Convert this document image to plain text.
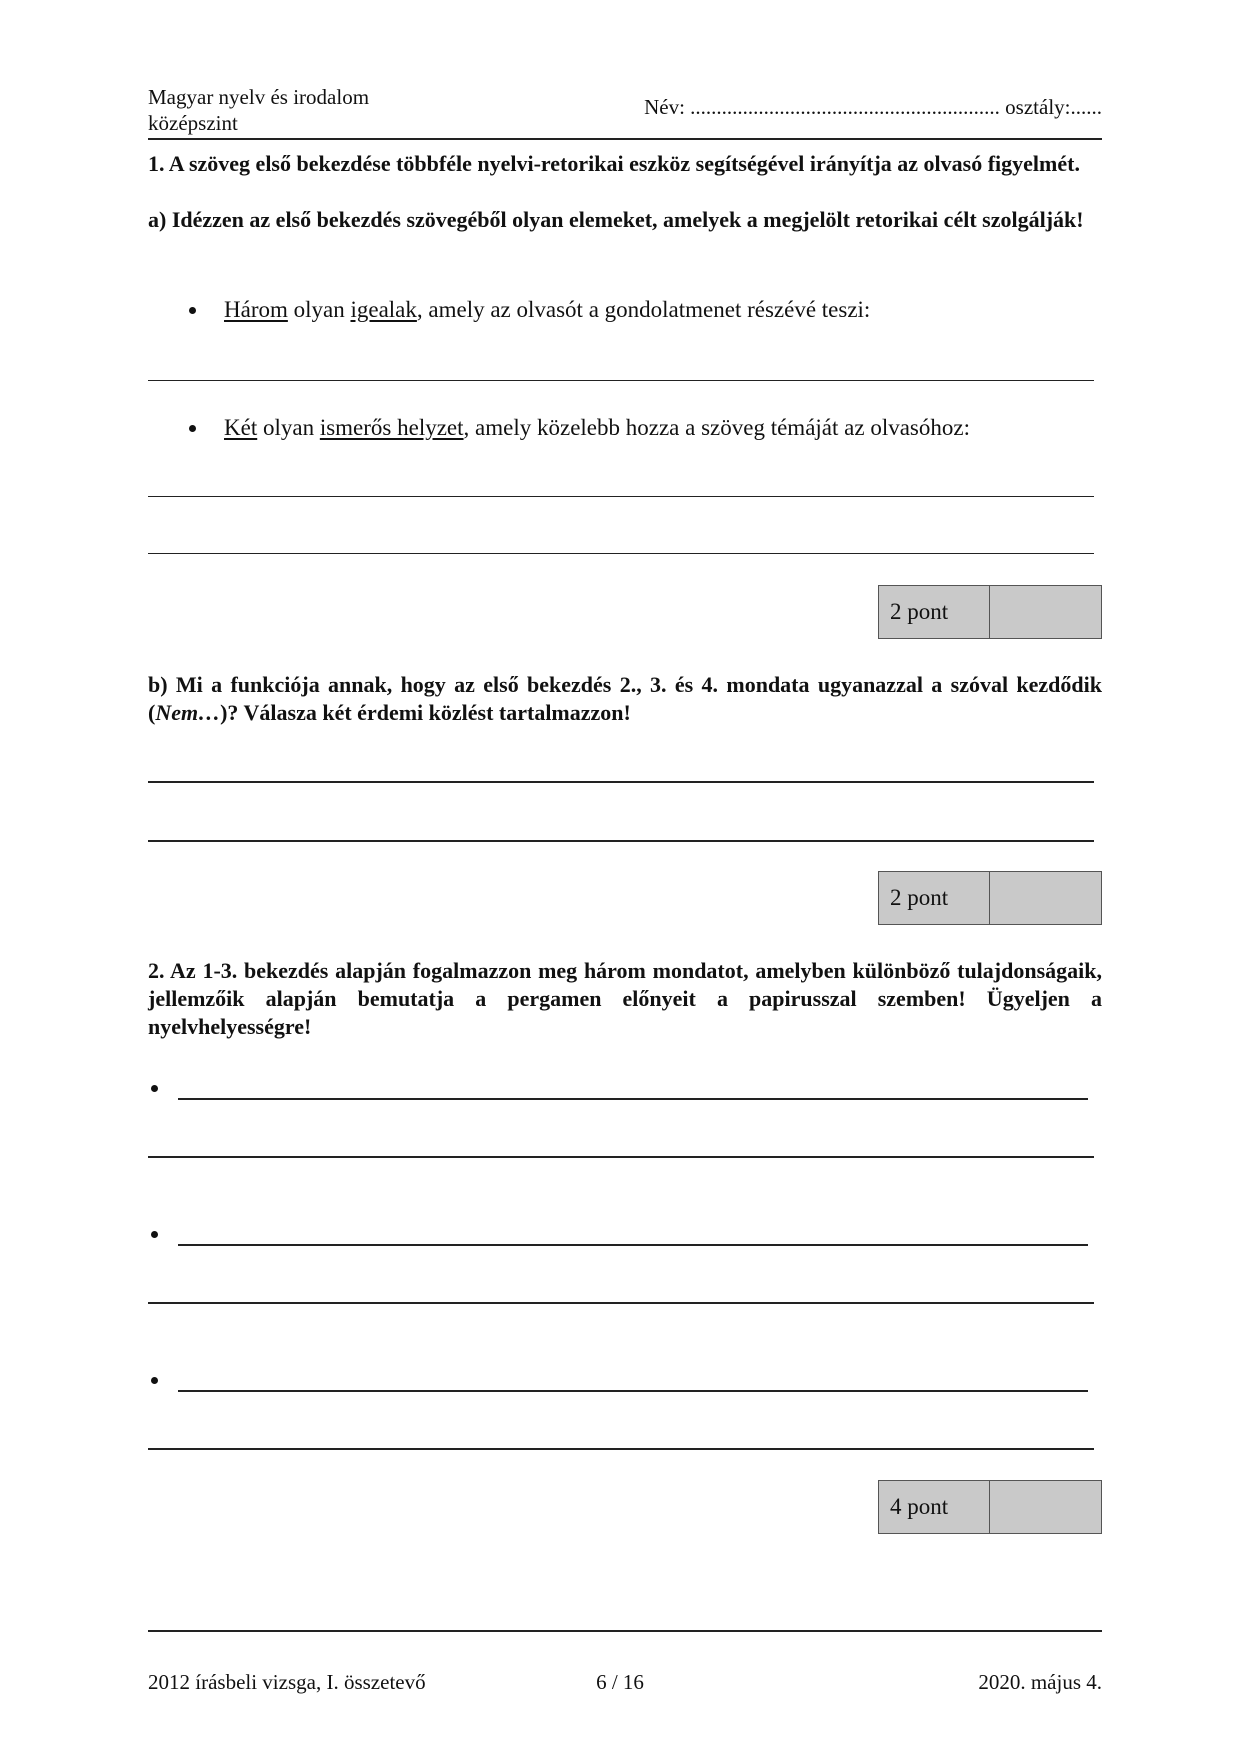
Magyar nyelv és irodalom
középszint
Név: ........................................................... osztály:......
1. A szöveg első bekezdése többféle nyelvi-retorikai eszköz segítségével irányítja az olvasó figyelmét.
a) Idézzen az első bekezdés szövegéből olyan elemeket, amelyek a megjelölt retorikai célt szolgálják!
Három olyan igealak, amely az olvasót a gondolatmenet részévé teszi:
Két olyan ismerős helyzet, amely közelebb hozza a szöveg témáját az olvasóhoz:
2 pont
b) Mi a funkciója annak, hogy az első bekezdés 2., 3. és 4. mondata ugyanazzal a szóval kezdődik (Nem…)? Válasza két érdemi közlést tartalmazzon!
2 pont
2. Az 1-3. bekezdés alapján fogalmazzon meg három mondatot, amelyben különböző tulajdonságaik, jellemzőik alapján bemutatja a pergamen előnyeit a papirusszal szemben! Ügyeljen a nyelvhelyességre!
4 pont
2012 írásbeli vizsga, I. összetevő	6 / 16	2020. május 4.
